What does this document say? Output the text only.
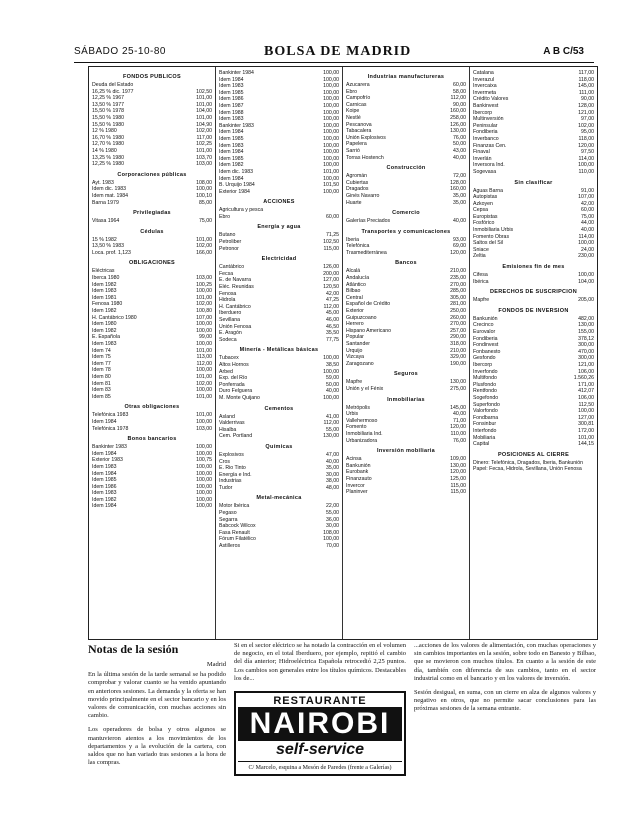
SÁBADO 25-10-80	BOLSA DE MADRID	A B C/53
FONDOS PUBLICOS
Deuda del Estado
16,25 % dic. 1977	102,50
12,25 % 1967	101,00
13,50 % 1977	101,00
15,50 % 1978	104,00
15,50 % 1980	101,00
15,50 % 1980	104,90
12 % 1980	102,00
16,70 % 1980	117,00
12,70 % 1980	102,25
14 % 1980	101,00
13,25 % 1980	103,70
12,25 % 1980	103,00
Corporaciones públicas
Ayt. 1983	108,00
Idem dic. 1983	100,00
Idem mat. 1984	100,10
Barna 1979	85,00
Privilegiadas
Vitasa 1964	75,00
Cédulas
15 % 1982	101,00
13,50 % 1983	102,00
Loca. prof. 1,123	166,00
OBLIGACIONES
Eléctricas
Iberca 1980	103,00
Idem 1982	100,25
Idem 1983	100,00
Idem 1981	101,00
Fenosa 1980	102,00
Idem 1982	100,80
H. Cantábrico 1980	107,00
Idem 1980	100,00
Idem 1982	100,00
E. Española	99,00
Idem 1983	100,00
Idem 74	101,00
Idem 75	113,00
Idem 77	112,00
Idem 78	100,00
Idem 80	101,00
Idem 81	102,00
Idem 83	100,00
Idem 85	101,00
Otras obligaciones
Telefónica 1983	101,00
Idem 1984	100,00
Telefónica 1978	103,00
Bonos bancarios
Bankinter 1983	100,00
Idem 1984	100,00
Exterior 1983	100,75
Idem 1983	100,00
Idem 1984	100,00
Idem 1985	100,00
Idem 1986	100,00
Idem 1983	100,00
Idem 1982	100,00
Idem 1984	100,00
Bankinter 1984	100,00
Idem 1984	100,00
Idem 1983	100,00
Idem 1985	100,00
Idem 1986	100,00
Idem 1987	100,00
Idem 1988	100,00
Idem 1983	100,00
Bankinter 1983	100,00
Idem 1984	100,00
Idem 1985	100,00
Idem 1983	100,00
Idem 1984	100,00
Idem 1985	100,00
Idem 1982	100,00
Idem dic. 1983	101,00
Idem 1984	100,00
B. Urquijo 1984	101,50
Exterior 1984	100,00
ACCIONES
Agricultura y pesca
Ebro	60,00
Energía y agua
Butano	71,25
Petroliber	102,50
Petronor	115,00
Electricidad
Cantábrico	126,00
Fecsa	200,00
E. de Navarra	127,00
Eléc. Reunidas	120,50
Fenosa	42,00
Hidrola	47,25
H. Cantábrico	112,00
Iberduero	45,00
Sevillana	46,00
Unión Fenosa	46,50
E. Aragón	35,50
Sodeca	77,75
Minería - Metálicas básicas
Tubacex	100,00
Altos Hornos	38,50
Arbed	100,00
Exp. del Río	59,00
Ponferrada	50,00
Duro Felguera	40,00
M. Monte Quijano	100,00
Cementos
Asland	41,00
Valderrivas	112,00
Hisalba	55,00
Cem. Portland	130,00
Químicas
Explosivos	47,00
Cros	40,00
E. Rio Tinto	35,00
Energía e Ind.	30,00
Industrias	38,00
Tudor	48,00
Metal-mecánica
Motor Ibérica	22,00
Pegaso	55,00
Segarra	36,00
Babcock Wilcox	30,00
Fasa Renault	108,00
Fórum Filatélico	100,00
Astilleros	70,00
Industrias manufactureras
Azucarera	60,00
Ebro	58,00
Campofrío	112,00
Carnicas	90,00
Koipe	160,00
Nestlé	258,00
Pescanova	126,00
Tabacalera	130,00
Unión Explosivos	76,00
Papelera	50,00
Sarrió	43,00
Torras Hostench	40,00
Construcción
Agromán	72,00
Cubiertas	128,00
Dragados	160,00
Ginés Navarro	35,00
Huarte	35,00
Comercio
Galerías Preciados	40,00
Transportes y comunicaciones
Iberia	93,00
Telefónica	69,00
Trasmediterránea	120,00
Bancos
Alcalá	210,00
Andalucía	235,00
Atlántico	270,00
Bilbao	285,00
Central	305,00
Español de Crédito	281,00
Exterior	250,00
Guipuzcoano	260,00
Herrero	270,00
Hispano Americano	257,00
Popular	290,00
Santander	318,00
Urquijo	210,00
Vizcaya	329,00
Zaragozano	190,00
Seguros
Mapfre	130,00
Unión y el Fénix	275,00
Inmobiliarias
Metrópolis	145,00
Urbis	40,00
Vallehermoso	71,00
Fomento	120,00
Inmobiliaria Ind.	110,00
Urbanizadora	76,00
Inversión mobiliaria
Acinsa	109,00
Bankunión	130,00
Eurobank	120,00
Finanzauto	125,00
Invercor	115,00
Planinver	115,00
Catalana	117,00
Inverazul	118,00
Invercaixa	145,00
Invermeta	111,00
Crédito Valores	90,00
Bankinvest	128,00
Ibercorp	121,00
Multinversión	97,00
Peninsular	102,00
Fondiberia	95,00
Inverbanco	118,00
Finanzas Cen.	120,00
Finaval	97,50
Inverlán	114,00
Inversora Ind.	100,00
Sogevasa	110,00
Sin clasificar
Aguas Barna	91,00
Autopistas	107,00
Azkoyen	42,00
Cepsa	60,00
Europistas	75,00
Fosfórico	44,00
Inmobiliaria Urbis	40,00
Fomento Obras	114,00
Saltos del Sil	100,00
Sniace	24,00
Zeltia	230,00
Emisiones fin de mes
Cifesa	100,00
Ibérica	104,00
DERECHOS DE SUSCRIPCION
Mapfre	205,00
FONDOS DE INVERSION
Bankunión	482,00
Crecinco	130,00
Eurovalor	155,00
Fondiberia	378,12
Fondinvest	300,00
Fonbanesto	470,00
Gesfondo	300,00
Ibercorp	121,00
Inverfondo	106,00
Multifondo	1.560,26
Plusfondo	171,00
Rentfondo	412,07
Sogefondo	106,00
Superfondo	112,50
Valorfondo	100,00
Fondbarna	127,00
Fonsinbur	300,81
Interfondo	172,00
Mobiliaria	101,00
Capital	144,15
POSICIONES AL CIERRE
Dinero: Telefónica, Dragados, Iberia, Bankunión
Papel: Fecsa, Hidrola, Sevillana, Unión Fenosa
Notas de la sesión

Madrid

En la última sesión de la tarde semanal se ha podido comprobar y valorar cuanto se ha venido apuntando en anteriores sesiones. La demanda y la oferta se han movido principalmente en el sector bancario y en los valores de comunicación, con muchas acciones sin cambio.

Los operadores de bolsa y otros algunos se mantuvieron atentos a los movimientos de los departamentos y a la evolución de la cartera, con saldos que no han variado tras sesiones a la hora de las compras.

Si en el sector eléctrico se ha notado la contracción en el volumen de negocio, en el total Iberduero, por ejemplo, repitió el cambio del día anterior; Hidroeléctrica Española retrocedió 2,25 puntos. Los cambios son generales entre los títulos químicos. Destacables los de...

RESTAURANTE
NAIROBI
self-service
C/ Marcelo, esquina a Mesón de Paredes (frente a Galerías)

...acciones de los valores de alimentación, con muchas operaciones y sin cambios importantes en la sesión, sobre todo en Banesto y Bilbao, que se movieron con muchos títulos. En cuanto a la sesión de este día, también con diferencia de sus cambios, tanto en el sector industrial como en el bancario y en los valores de inversión.

Sesión desigual, en suma, con un cierre en alza de algunos valores y negativo en otros, que no permite sacar conclusiones para las próximas sesiones de la semana entrante.
